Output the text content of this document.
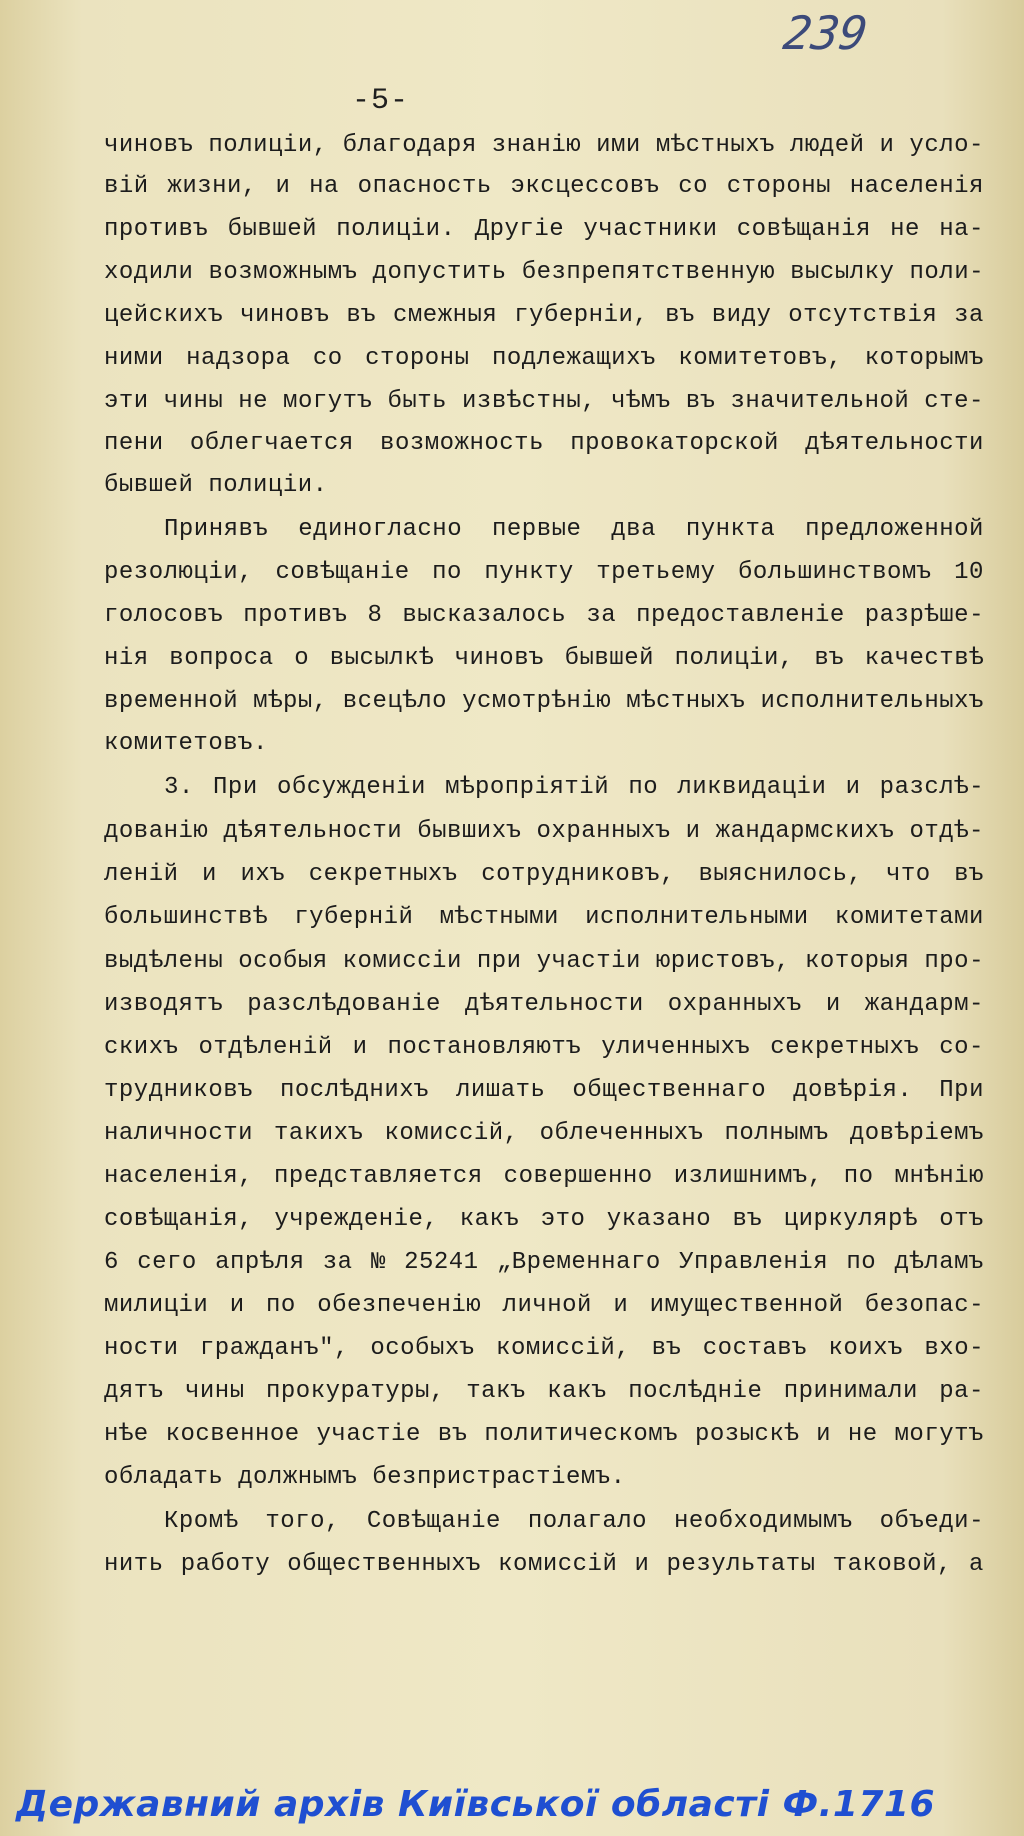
239
-5-
чиновъ полиціи, благодаря знанію ими мѣстныхъ людей и усло-
вій жизни, и на опасность эксцессовъ со стороны населенія
противъ бывшей полиціи. Другіе участники совѣщанія не на-
ходили возможнымъ допустить безпрепятственную высылку поли-
цейскихъ чиновъ въ смежныя губерніи, въ виду отсутствія за
ними надзора со стороны подлежащихъ комитетовъ, которымъ
эти чины не могутъ быть извѣстны, чѣмъ въ значительной сте-
пени облегчается возможность провокаторской дѣятельности
бывшей полиціи.
Принявъ единогласно первые два пункта предложенной
резолюціи, совѣщаніе по пункту третьему большинствомъ 10
голосовъ противъ 8 высказалось за предоставленіе разрѣше-
нія вопроса о высылкѣ чиновъ бывшей полиціи, въ качествѣ
временной мѣры, всецѣло усмотрѣнію мѣстныхъ исполнительныхъ
комитетовъ.
3. При обсужденіи мѣропріятій по ликвидаціи и разслѣ-
дованію дѣятельности бывшихъ охранныхъ и жандармскихъ отдѣ-
леній и ихъ секретныхъ сотрудниковъ, выяснилось, что въ
большинствѣ губерній мѣстными исполнительными комитетами
выдѣлены особыя комиссіи при участіи юристовъ, которыя про-
изводятъ разслѣдованіе дѣятельности охранныхъ и жандарм-
скихъ отдѣленій и постановляютъ уличенныхъ секретныхъ со-
трудниковъ послѣднихъ лишать общественнаго довѣрія. При
наличности такихъ комиссій, облеченныхъ полнымъ довѣріемъ
населенія, представляется совершенно излишнимъ, по мнѣнію
совѣщанія, учрежденіе, какъ это указано въ циркулярѣ отъ
6 сего апрѣля за № 25241 „Временнаго Управленія по дѣламъ
милиціи и по обезпеченію личной и имущественной безопас-
ности гражданъ", особыхъ комиссій, въ составъ коихъ вхо-
дятъ чины прокуратуры, такъ какъ послѣдніе принимали ра-
нѣе косвенное участіе въ политическомъ розыскѣ и не могутъ
обладать должнымъ безпристрастіемъ.
Кромѣ того, Совѣщаніе полагало необходимымъ объеди-
нить работу общественныхъ комиссій и результаты таковой, а
Державний архів Київської області Ф.1716
